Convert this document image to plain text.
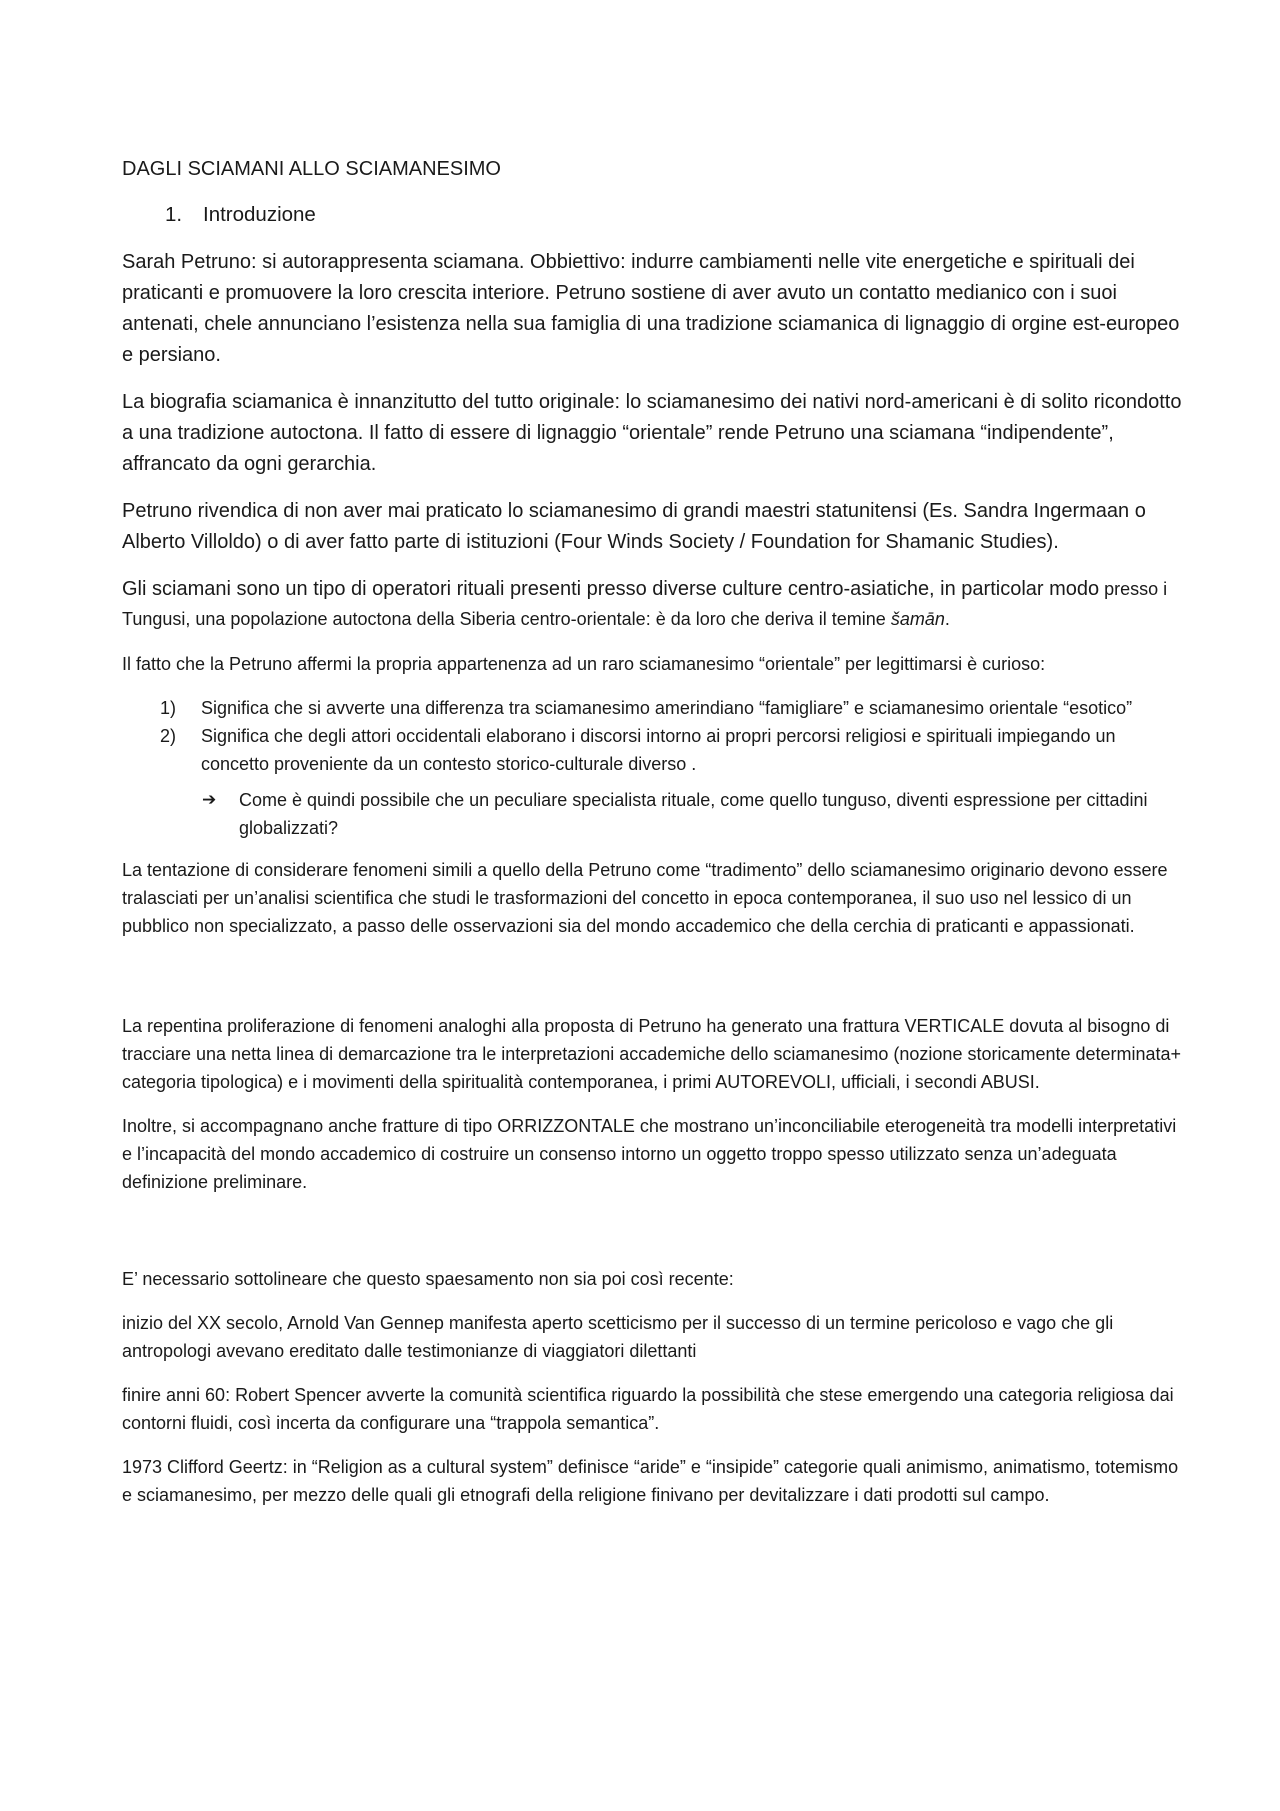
DAGLI SCIAMANI ALLO SCIAMANESIMO

1. Introduzione

Sarah Petruno: si autorappresenta sciamana. Obbiettivo: indurre cambiamenti nelle vite energetiche e spirituali dei praticanti e promuovere la loro crescita interiore. Petruno sostiene di aver avuto un contatto medianico con i suoi antenati, chele annunciano l’esistenza nella sua famiglia di una tradizione sciamanica di lignaggio di orgine est-europeo e persiano.

La biografia sciamanica è innanzitutto del tutto originale: lo sciamanesimo dei nativi nord-americani è di solito ricondotto a una tradizione autoctona. Il fatto di essere di lignaggio “orientale” rende Petruno una sciamana “indipendente”, affrancato da ogni gerarchia.

Petruno rivendica di non aver mai praticato lo sciamanesimo di grandi maestri statunitensi (Es. Sandra Ingermaan o Alberto Villoldo) o di aver fatto parte di istituzioni (Four Winds Society / Foundation for Shamanic Studies).

Gli sciamani sono un tipo di operatori rituali presenti presso diverse culture centro-asiatiche, in particolar modo presso i Tungusi, una popolazione autoctona della Siberia centro-orientale: è da loro che deriva il temine šamān.

Il fatto che la Petruno affermi la propria appartenenza ad un raro sciamanesimo “orientale” per legittimarsi è curioso:

1) Significa che si avverte una differenza tra sciamanesimo amerindiano “famigliare” e sciamanesimo orientale “esotico”
2) Significa che degli attori occidentali elaborano i discorsi intorno ai propri percorsi religiosi e spirituali impiegando un concetto proveniente da un contesto storico-culturale diverso .
➔ Come è quindi possibile che un peculiare specialista rituale, come quello tunguso, diventi espressione per cittadini globalizzati?

La tentazione di considerare fenomeni simili a quello della Petruno come “tradimento” dello sciamanesimo originario devono essere tralasciati per un’analisi scientifica che studi le trasformazioni del concetto in epoca contemporanea, il suo uso nel lessico di un pubblico non specializzato, a passo delle osservazioni sia del mondo accademico che della cerchia di praticanti e appassionati.

La repentina proliferazione di fenomeni analoghi alla proposta di Petruno ha generato una frattura VERTICALE dovuta al bisogno di tracciare una netta linea di demarcazione tra le interpretazioni accademiche dello sciamanesimo (nozione storicamente determinata+ categoria tipologica) e i movimenti della spiritualità contemporanea, i primi AUTOREVOLI, ufficiali, i secondi ABUSI.

Inoltre, si accompagnano anche fratture di tipo ORRIZZONTALE che mostrano un’inconciliabile eterogeneità tra modelli interpretativi e l’incapacità del mondo accademico di costruire un consenso intorno un oggetto troppo spesso utilizzato senza un’adeguata definizione preliminare.

E’ necessario sottolineare che questo spaesamento non sia poi così recente:

inizio del XX secolo, Arnold Van Gennep manifesta aperto scetticismo per il successo di un termine pericoloso e vago che gli antropologi avevano ereditato dalle testimonianze di viaggiatori dilettanti

finire anni 60: Robert Spencer avverte la comunità scientifica riguardo la possibilità che stese emergendo una categoria religiosa dai contorni fluidi, così incerta da configurare una “trappola semantica”.

1973 Clifford Geertz: in “Religion as a cultural system” definisce “aride” e “insipide” categorie quali animismo, animatismo, totemismo e sciamanesimo, per mezzo delle quali gli etnografi della religione finivano per devitalizzare i dati prodotti sul campo.
